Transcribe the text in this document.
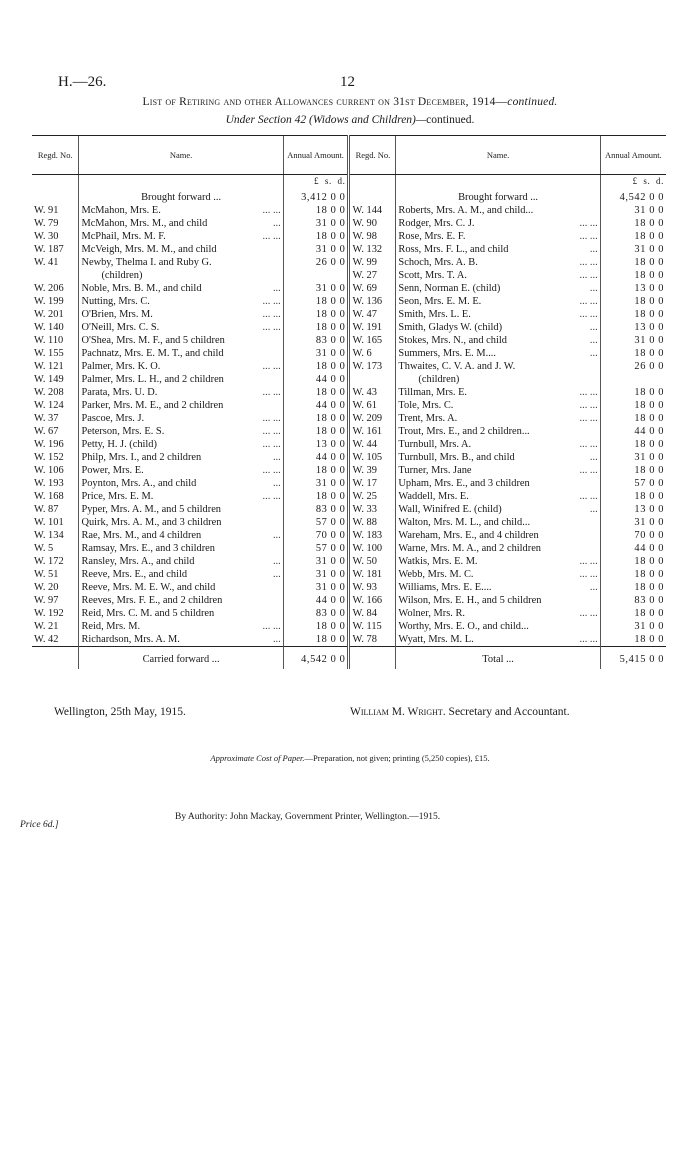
H.—26.	12
List of Retiring and other Allowances current on 31st December, 1914—continued.
Under Section 42 (Widows and Children)—continued.
Regd. No.	Name.	Annual Amount.	Regd. No.	Name.	Annual Amount.
		£ s. d.			£ s. d.
	Brought forward ...	3,412 0 0		Brought forward ...	4,542 0 0
W. 91	McMahon, Mrs. E. ... ...	18 0 0	W. 144	Roberts, Mrs. A. M., and child...	31 0 0
W. 79	McMahon, Mrs. M., and child ...	31 0 0	W. 90	Rodger, Mrs. C. J. ... ...	18 0 0
W. 30	McPhail, Mrs. M. F. ... ...	18 0 0	W. 98	Rose, Mrs. E. F. ... ...	18 0 0
W. 187	McVeigh, Mrs. M. M., and child	31 0 0	W. 132	Ross, Mrs. F. L., and child ...	31 0 0
W. 41	Newby, Thelma I. and Ruby G.	26 0 0	W. 99	Schoch, Mrs. A. B. ... ...	18 0 0
	(children)		W. 27	Scott, Mrs. T. A. ... ...	18 0 0
W. 206	Noble, Mrs. B. M., and child ...	31 0 0	W. 69	Senn, Norman E. (child) ...	13 0 0
W. 199	Nutting, Mrs. C. ... ...	18 0 0	W. 136	Seon, Mrs. E. M. E. ... ...	18 0 0
W. 201	O'Brien, Mrs. M. ... ...	18 0 0	W. 47	Smith, Mrs. L. E. ... ...	18 0 0
W. 140	O'Neill, Mrs. C. S. ... ...	18 0 0	W. 191	Smith, Gladys W. (child) ...	13 0 0
W. 110	O'Shea, Mrs. M. F., and 5 children	83 0 0	W. 165	Stokes, Mrs. N., and child ...	31 0 0
W. 155	Pachnatz, Mrs. E. M. T., and child	31 0 0	W. 6	Summers, Mrs. E. M.... ...	18 0 0
W. 121	Palmer, Mrs. K. O. ... ...	18 0 0	W. 173	Thwaites, C. V. A. and J. W.	26 0 0
W. 149	Palmer, Mrs. L. H., and 2 children	44 0 0		(children)	
W. 208	Parata, Mrs. U. D. ... ...	18 0 0	W. 43	Tillman, Mrs. E. ... ...	18 0 0
W. 124	Parker, Mrs. M. E., and 2 children	44 0 0	W. 61	Tole, Mrs. C. ... ...	18 0 0
W. 37	Pascoe, Mrs. J. ... ...	18 0 0	W. 209	Trent, Mrs. A. ... ...	18 0 0
W. 67	Peterson, Mrs. E. S. ... ...	18 0 0	W. 161	Trout, Mrs. E., and 2 children...	44 0 0
W. 196	Petty, H. J. (child) ... ...	13 0 0	W. 44	Turnbull, Mrs. A. ... ...	18 0 0
W. 152	Philp, Mrs. I., and 2 children ...	44 0 0	W. 105	Turnbull, Mrs. B., and child ...	31 0 0
W. 106	Power, Mrs. E. ... ...	18 0 0	W. 39	Turner, Mrs. Jane ... ...	18 0 0
W. 193	Poynton, Mrs. A., and child ...	31 0 0	W. 17	Upham, Mrs. E., and 3 children	57 0 0
W. 168	Price, Mrs. E. M. ... ...	18 0 0	W. 25	Waddell, Mrs. E. ... ...	18 0 0
W. 87	Pyper, Mrs. A. M., and 5 children	83 0 0	W. 33	Wall, Winifred E. (child) ...	13 0 0
W. 101	Quirk, Mrs. A. M., and 3 children	57 0 0	W. 88	Walton, Mrs. M. L., and child...	31 0 0
W. 134	Rae, Mrs. M., and 4 children ...	70 0 0	W. 183	Wareham, Mrs. E., and 4 children	70 0 0
W. 5	Ramsay, Mrs. E., and 3 children	57 0 0	W. 100	Warne, Mrs. M. A., and 2 children	44 0 0
W. 172	Ransley, Mrs. A., and child ...	31 0 0	W. 50	Watkis, Mrs. E. M. ... ...	18 0 0
W. 51	Reeve, Mrs. E., and child ...	31 0 0	W. 181	Webb, Mrs. M. C. ... ...	18 0 0
W. 20	Reeve, Mrs. M. E. W., and child	31 0 0	W. 93	Williams, Mrs. E. E.... ...	18 0 0
W. 97	Reeves, Mrs. F. E., and 2 children	44 0 0	W. 166	Wilson, Mrs. E. H., and 5 children	83 0 0
W. 192	Reid, Mrs. C. M. and 5 children	83 0 0	W. 84	Wolner, Mrs. R. ... ...	18 0 0
W. 21	Reid, Mrs. M. ... ...	18 0 0	W. 115	Worthy, Mrs. E. O., and child...	31 0 0
W. 42	Richardson, Mrs. A. M. ...	18 0 0	W. 78	Wyatt, Mrs. M. L. ... ...	18 0 0
	Carried forward ...	4,542 0 0		Total ...	5,415 0 0
Wellington, 25th May, 1915.	William M. Wright. Secretary and Accountant.
Approximate Cost of Paper.—Preparation, not given; printing (5,250 copies), £15.
By Authority: John Mackay, Government Printer, Wellington.—1915.
Price 6d.]
